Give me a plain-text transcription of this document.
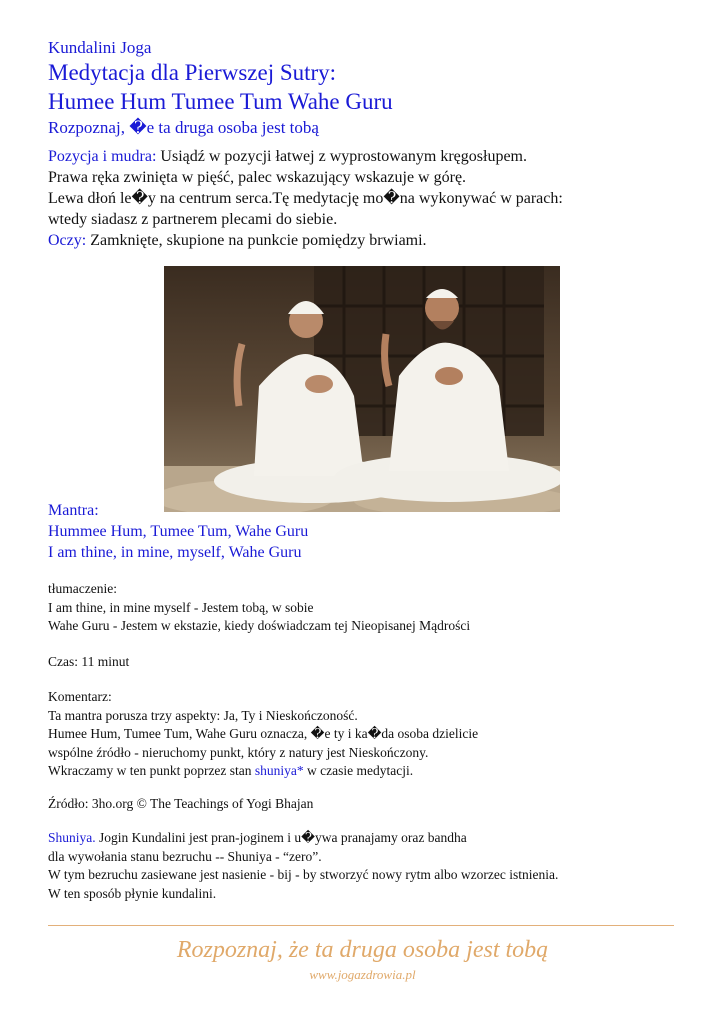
Kundalini Joga
Medytacja dla Pierwszej Sutry:
Humee Hum Tumee Tum Wahe Guru
Rozpoznaj, �e ta druga osoba jest tobą

Pozycja i mudra: Usiądź w pozycji łatwej z wyprostowanym kręgosłupem.

Prawa ręka zwinięta w pięść, palec wskazujący wskazuje w górę.

Lewa dłoń le�y na centrum serca.Tę medytację mo�na wykonywać w parach:

wtedy siadasz z partnerem plecami do siebie.

Oczy: Zamknięte, skupione na punkcie pomiędzy brwiami.

Mantra:

Hummee Hum, Tumee Tum, Wahe Guru

I am thine, in mine, myself, Wahe Guru

tłumaczenie:

I am thine, in mine myself - Jestem tobą, w sobie

Wahe Guru - Jestem w ekstazie, kiedy doświadczam tej Nieopisanej Mądrości

Czas: 11 minut

Komentarz:

Ta mantra porusza trzy aspekty: Ja, Ty i Nieskończoność.

Humee Hum, Tumee Tum, Wahe Guru oznacza, �e ty i ka�da osoba dzielicie

wspólne źródło - nieruchomy punkt, który z natury jest Nieskończony.

Wkraczamy w ten punkt poprzez stan shuniya* w czasie medytacji.

Źródło: 3ho.org © The Teachings of Yogi Bhajan

Shuniya. Jogin Kundalini jest pran-joginem i u�ywa pranajamy oraz bandha

dla wywołania stanu bezruchu -- Shuniya - “zero”.

W tym bezruchu zasiewane jest nasienie - bij - by stworzyć nowy rytm albo wzorzec istnienia.

W ten sposób płynie kundalini.

Rozpoznaj, że ta druga osoba jest tobą
www.jogazdrowia.pl
